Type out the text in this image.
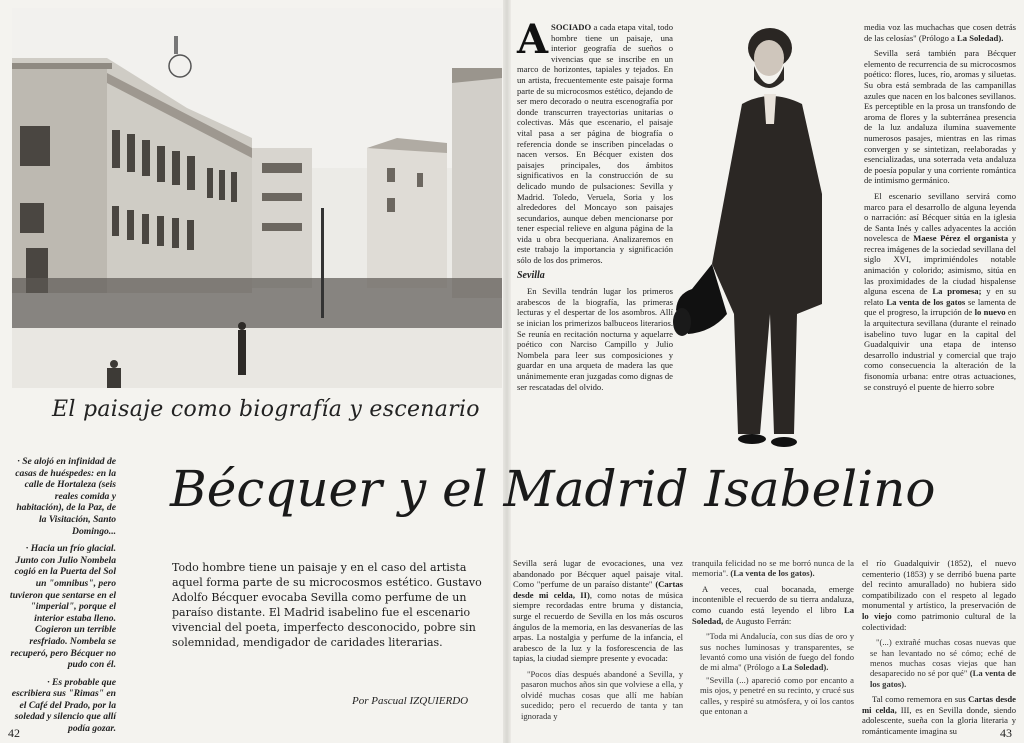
ASOCIADO a cada etapa vital, todo hombre tiene un paisaje, una interior geografía de sueños o vivencias que se inscribe en un marco de horizontes, tapiales y tejados. En un artista, frecuentemente este paisaje forma parte de su microcosmos estético, dejando de ser mero decorado o neutra escenografía por donde transcurren trayectorias unitarias o colectivas. Más que escenario, el paisaje vital pasa a ser página de biografía o referencia donde se inscriben pinceladas o nacen versos. En Bécquer existen dos paisajes principales, dos ámbitos significativos en la construcción de su delicado mundo de pulsaciones: Sevilla y Madrid. Toledo, Veruela, Soria y los alrededores del Moncayo son paisajes secundarios, aunque deben mencionarse por tener especial relieve en alguna página de la vida u obra becqueriana. Analizaremos en este trabajo la importancia y significación sólo de los dos primeros.

Sevilla

En Sevilla tendrán lugar los primeros arabescos de la biografía, las primeras lecturas y el despertar de los asombros. Allí se inician los primerizos balbuceos literarios. Se reunía en recitación nocturna y aquelarre poético con Narciso Campillo y Julio Nombela para leer sus composiciones y guardar en una arqueta de madera las que unánimemente eran juzgadas como dignas de ser rescatadas del olvido.

media voz las muchachas que cosen detrás de las celosías" (Prólogo a La Soledad).

Sevilla será también para Bécquer elemento de recurrencia de su microcosmos poético: flores, luces, río, aromas y siluetas. Su obra está sembrada de las campanillas azules que nacen en los balcones sevillanos. Es perceptible en la prosa un transfondo de aroma de flores y la subterránea presencia de la luz andaluza ilumina suavemente numerosos pasajes, mientras en las rimas convergen y se sintetizan, reelaboradas y esencializadas, una soterrada veta andaluza de poesía popular y una corriente romántica de intimismo germánico.

El escenario sevillano servirá como marco para el desarrollo de alguna leyenda o narración: así Bécquer sitúa en la iglesia de Santa Inés y calles adyacentes la acción novelesca de Maese Pérez el organista y recrea imágenes de la sociedad sevillana del siglo XVI, imprimiéndoles notable animación y colorido; asimismo, sitúa en las proximidades de la ciudad hispalense alguna escena de La promesa; y en su relato La venta de los gatos se lamenta de que el progreso, la irrupción de lo nuevo en la arquitectura sevillana (durante el reinado isabelino tuvo lugar en la capital del Guadalquivir una etapa de intenso desarrollo industrial y comercial que trajo como consecuencia la alteración de la fisonomía urbana: entre otras actuaciones, se construyó el puente de hierro sobre

El paisaje como biografía y escenario
Bécquer y el Madrid Isabelino

· Se alojó en infinidad de casas de huéspedes: en la calle de Hortaleza (seis reales comida y habitación), de la Paz, de la Visitación, Santo Domingo...

· Hacia un frío glacial. Junto con Julio Nombela cogió en la Puerta del Sol un "omnibus", pero tuvieron que sentarse en el "imperial", porque el interior estaba lleno. Cogieron un terrible resfriado. Nombela se recuperó, pero Bécquer no pudo con él.

· Es probable que escribiera sus "Rimas" en el Café del Prado, por la soledad y silencio que allí podía gozar.

Todo hombre tiene un paisaje y en el caso del artista aquel forma parte de su microcosmos estético. Gustavo Adolfo Bécquer evocaba Sevilla como perfume de un paraíso distante. El Madrid isabelino fue el escenario vivencial del poeta, imperfecto desconocido, pobre sin solemnidad, mendigador de caridades literarias.
Por Pascual IZQUIERDO

Sevilla será lugar de evocaciones, una vez abandonado por Bécquer aquel paisaje vital. Como "perfume de un paraíso distante" (Cartas desde mi celda, II), como notas de música siempre recordadas entre bruma y distancia, surge el recuerdo de Sevilla en los más oscuros ángulos de la memoria, en las desvanerías de las arpas. La nostalgia y perfume de la infancia, el arabesco de la luz y la fosforescencia de las tapias, la ciudad siempre presente y evocada:

"Pocos días después abandoné a Sevilla, y pasaron muchos años sin que volviese a ella, y olvidé muchas cosas que allí me habían sucedido; pero el recuerdo de tanta y tan ignorada y

tranquila felicidad no se me borró nunca de la memoria". (La venta de los gatos).

A veces, cual bocanada, emerge incontenible el recuerdo de su tierra andaluza, como cuando está leyendo el libro La Soledad, de Augusto Ferrán:

"Toda mi Andalucía, con sus días de oro y sus noches luminosas y transparentes, se levantó como una visión de fuego del fondo de mi alma" (Prólogo a La Soledad).

"Sevilla (...) apareció como por encanto a mis ojos, y penetré en su recinto, y crucé sus calles, y respiré su atmósfera, y oí los cantos que entonan a

el río Guadalquivir (1852), el nuevo cementerio (1853) y se derribó buena parte del recinto amurallado) no hubiera sido compatibilizado con el respeto al legado monumental y artístico, la preservación de lo viejo como patrimonio cultural de la colectividad:

"(...) extrañé muchas cosas nuevas que se han levantado no sé cómo; eché de menos muchas cosas viejas que han desaparecido no sé por qué" (La venta de los gatos).

Tal como rememora en sus Cartas desde mi celda, III, es en Sevilla donde, siendo adolescente, sueña con la gloria literaria y románticamente imagina su

42	43
